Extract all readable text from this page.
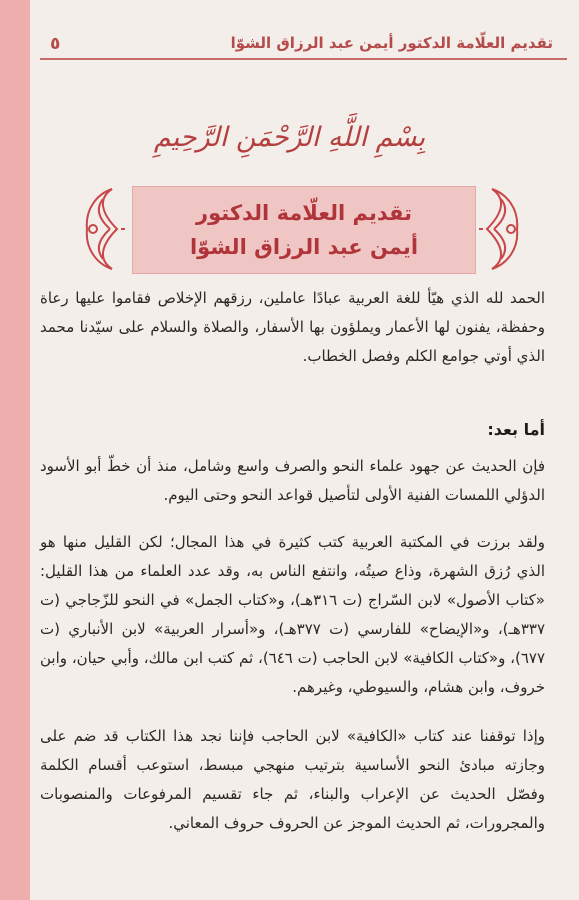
٥	تقديم العلّامة الدكتور أيمن عبد الرزاق الشوّا
بِسْمِ اللَّهِ الرَّحْمَنِ الرَّحِيمِ
تقديم العلّامة الدكتور
أيمن عبد الرزاق الشوّا

الحمد لله الذي هيّأ للغة العربية عبادًا عاملين، رزقهم الإخلاص فقاموا عليها رعاة وحفظة، يفنون لها الأعمار ويملؤون بها الأسفار، والصلاة والسلام على سيّدنا محمد الذي أوتي جوامع الكلم وفصل الخطاب.

أما بعد:

فإن الحديث عن جهود علماء النحو والصرف واسع وشامل، منذ أن خطّ أبو الأسود الدؤلي اللمسات الفنية الأولى لتأصيل قواعد النحو وحتى اليوم.

ولقد برزت في المكتبة العربية كتب كثيرة في هذا المجال؛ لكن القليل منها هو الذي رُزق الشهرة، وذاع صيتُه، وانتفع الناس به، وقد عدد العلماء من هذا القليل: «كتاب الأصول» لابن السّراج (ت ٣١٦هـ)، و«كتاب الجمل» في النحو للزّجاجي (ت ٣٣٧هـ)، و«الإيضاح» للفارسي (ت ٣٧٧هـ)، و«أسرار العربية» لابن الأنباري (ت ٦٧٧)، و«كتاب الكافية» لابن الحاجب (ت ٦٤٦)، ثم كتب ابن مالك، وأبي حيان، وابن خروف، وابن هشام، والسيوطي، وغيرهم.

وإذا توقفنا عند كتاب «الكافية» لابن الحاجب فإننا نجد هذا الكتاب قد ضم على وجازته مبادئ النحو الأساسية بترتيب منهجي مبسط، استوعب أقسام الكلمة وفصّل الحديث عن الإعراب والبناء، ثم جاء تقسيم المرفوعات والمنصوبات والمجرورات، ثم الحديث الموجز عن الحروف حروف المعاني.
